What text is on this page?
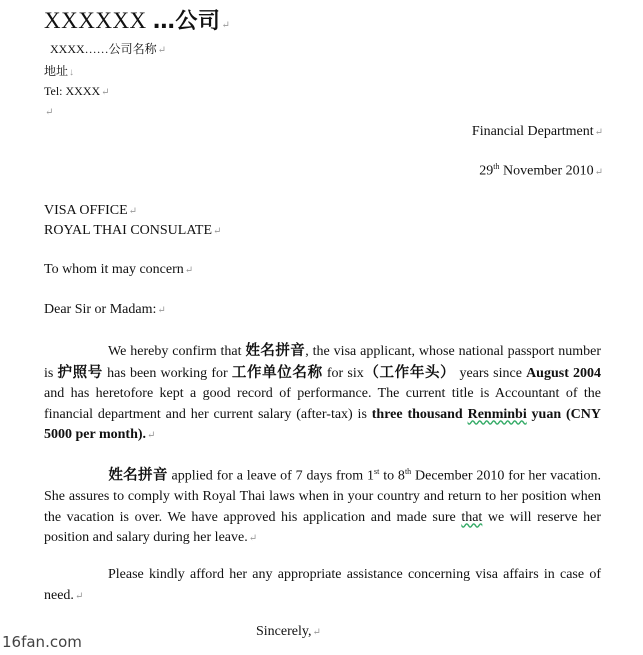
XXXXXX …公司↵
XXXX……公司名称↵
地址↓
Tel: XXXX↵
↵
Financial Department↵
29th November 2010↵
VISA OFFICE↵
ROYAL THAI CONSULATE↵
To whom it may concern↵
Dear Sir or Madam:↵
We hereby confirm that 姓名拼音, the visa applicant, whose national passport number is 护照号 has been working for 工作单位名称 for six（工作年头） years since August 2004 and has heretofore kept a good record of performance. The current title is Accountant of the financial department and her current salary (after-tax) is three thousand Renminbi yuan (CNY 5000 per month).↵
姓名拼音 applied for a leave of 7 days from 1st to 8th December 2010 for her vacation. She assures to comply with Royal Thai laws when in your country and return to her position when the vacation is over. We have approved his application and made sure that we will reserve her position and salary during her leave.↵
Please kindly afford her any appropriate assistance concerning visa affairs in case of need.↵
Sincerely,↵
16fan.com
